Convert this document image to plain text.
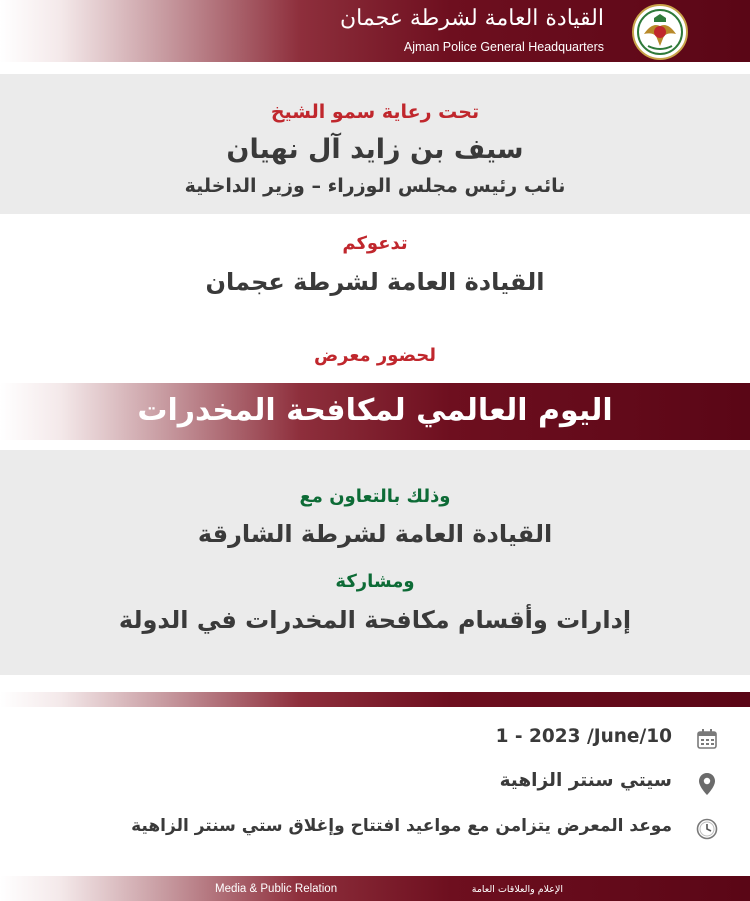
القيادة العامة لشرطة عجمان
Ajman Police General Headquarters
تحت رعاية سمو الشيخ
سيف بن زايد آل نهيان
نائب رئيس مجلس الوزراء – وزير الداخلية
تدعوكم
القيادة العامة لشرطة عجمان
لحضور معرض
اليوم العالمي لمكافحة المخدرات
وذلك بالتعاون مع
القيادة العامة لشرطة الشارقة
ومشاركة
إدارات وأقسام مكافحة المخدرات في الدولة
1 - 2023 /June/10
سيتي سنتر الزاهية
موعد المعرض يتزامن مع مواعيد افتتاح وإغلاق ستي سنتر الزاهية
Media & Public Relation	الإعلام والعلاقات العامة
